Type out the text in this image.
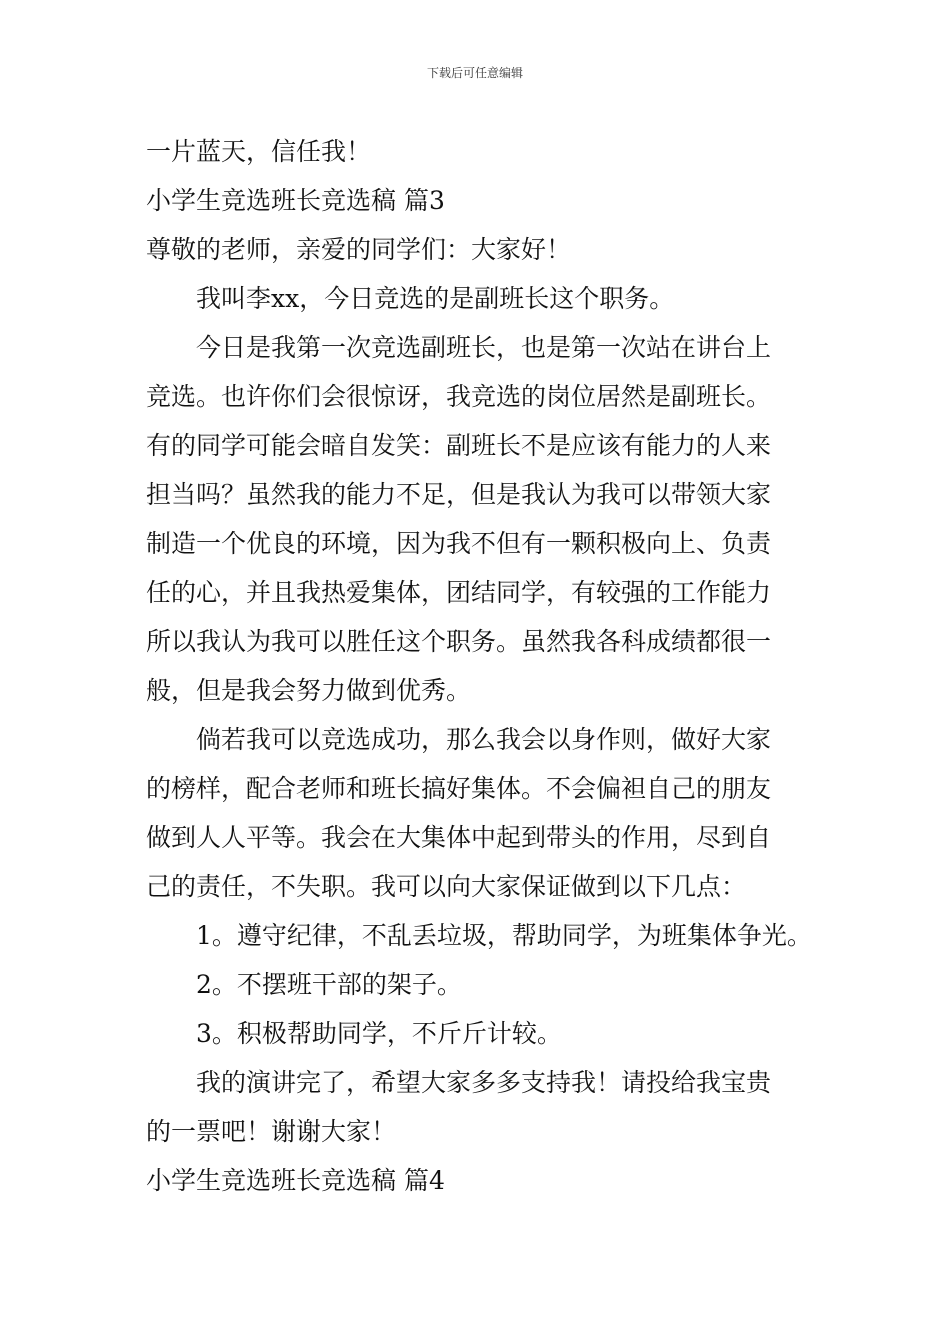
下载后可任意编辑
一片蓝天，信任我！
小学生竞选班长竞选稿 篇3
尊敬的老师，亲爱的同学们：大家好！
我叫李xx，今日竞选的是副班长这个职务。
今日是我第一次竞选副班长，也是第一次站在讲台上
竞选。也许你们会很惊讶，我竞选的岗位居然是副班长。
有的同学可能会暗自发笑：副班长不是应该有能力的人来
担当吗？虽然我的能力不足，但是我认为我可以带领大家
制造一个优良的环境，因为我不但有一颗积极向上、负责
任的心，并且我热爱集体，团结同学，有较强的工作能力
所以我认为我可以胜任这个职务。虽然我各科成绩都很一
般，但是我会努力做到优秀。
倘若我可以竞选成功，那么我会以身作则，做好大家
的榜样，配合老师和班长搞好集体。不会偏袒自己的朋友
做到人人平等。我会在大集体中起到带头的作用，尽到自
己的责任，不失职。我可以向大家保证做到以下几点：
1。遵守纪律，不乱丢垃圾，帮助同学，为班集体争光。
2。不摆班干部的架子。
3。积极帮助同学，不斤斤计较。
我的演讲完了，希望大家多多支持我！请投给我宝贵
的一票吧！谢谢大家！
小学生竞选班长竞选稿 篇4
